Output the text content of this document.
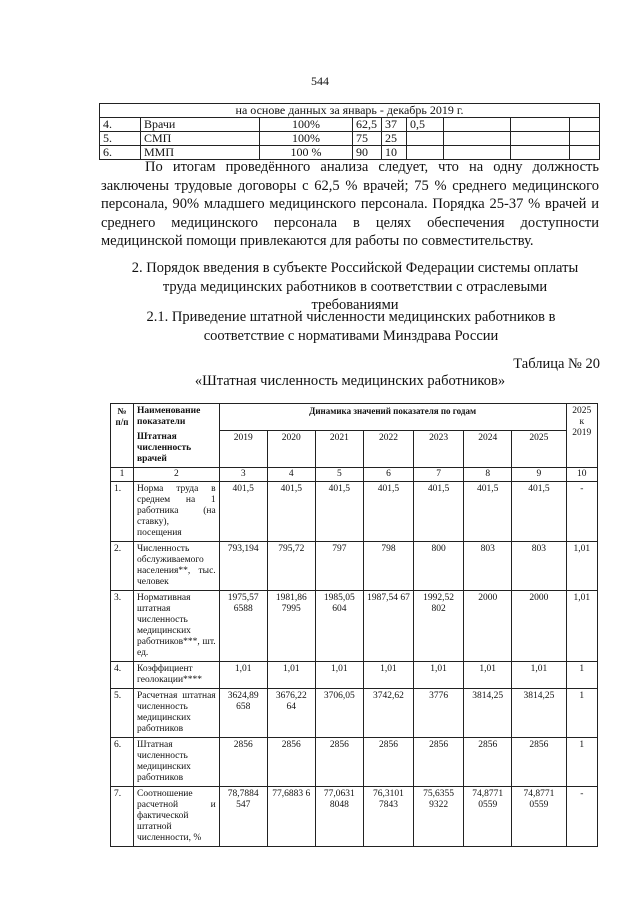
544
на основе данных за январь - декабрь 2019 г.								
4.	Врачи	100%	62,5	37	0,5			
5.	СМП	100%	75	25				
6.	ММП	100 %	90	10				

По итогам проведённого анализа следует, что на одну должность заключены трудовые договоры с 62,5 % врачей; 75 % среднего медицинского персонала, 90% младшего медицинского персонала. Порядка 25-37 % врачей и среднего медицинского персонала в целях обеспечения доступности медицинской помощи привлекаются для работы по совместительству.

2. Порядок введения в субъекте Российской Федерации системы оплаты труда медицинских работников в соответствии с отраслевыми требованиями
2.1. Приведение штатной численности медицинских работников в соответствие с нормативами Минздрава России
Таблица № 20
«Штатная численность медицинских работников»
№ п/п	Наименование показатели	Динамика значений показателя по годам							2025 к 2019
	Штатная численность врачей	2019	2020	2021	2022	2023	2024	2025	
1	2	3	4	5	6	7	8	9	10
1.	Норма труда в среднем на 1 работника (на ставку), посещения	401,5	401,5	401,5	401,5	401,5	401,5	401,5	-
2.	Численность обслуживаемого населения**, тыс. человек	793,194	795,72	797	798	800	803	803	1,01
3.	Нормативная штатная численность медицинских работников***, шт. ед.	1975,57 6588	1981,86 7995	1985,05 604	1987,54 67	1992,52 802	2000	2000	1,01
4.	Коэффициент геолокации****	1,01	1,01	1,01	1,01	1,01	1,01	1,01	1
5.	Расчетная штатная численность медицинских работников	3624,89 658	3676,22 64	3706,05	3742,62	3776	3814,25	3814,25	1
6.	Штатная численность медицинских работников	2856	2856	2856	2856	2856	2856	2856	1
7.	Соотношение расчетной и фактической штатной численности, %	78,7884 547	77,6883 6	77,0631 8048	76,3101 7843	75,6355 9322	74,8771 0559	74,8771 0559	-
